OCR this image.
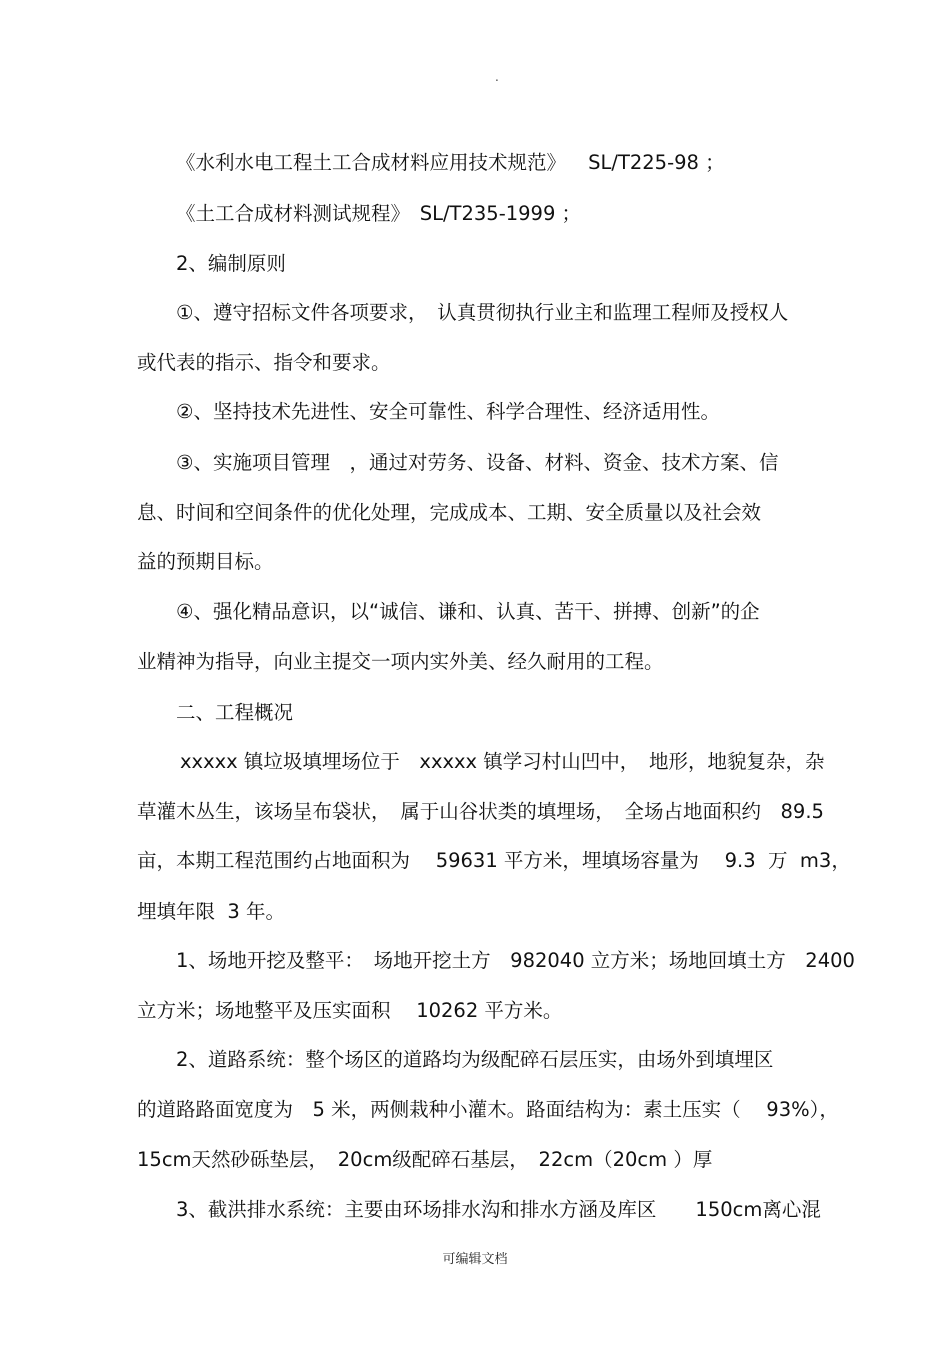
.
《水利水电工程土工合成材料应用技术规范》　  SL/T225-98 ；
《土工合成材料测试规程》　SL/T235-1999 ；
2、编制原则
①、遵守招标文件各项要求，　认真贯彻执行业主和监理工程师及授权人
或代表的指示、指令和要求。
②、坚持技术先进性、安全可靠性、科学合理性、经济适用性。
③、实施项目管理　，通过对劳务、设备、材料、资金、技术方案、信
息、时间和空间条件的优化处理，完成成本、工期、安全质量以及社会效
益的预期目标。
④、强化精品意识，以“诚信、谦和、认真、苦干、拼搏、创新”的企
业精神为指导，向业主提交一项内实外美、经久耐用的工程。
二、工程概况
xxxxx 镇垃圾填埋场位于　xxxxx 镇学习村山凹中，　地形，地貌复杂，杂
草灌木丛生，该场呈布袋状，　属于山谷状类的填埋场，　全场占地面积约　89.5
亩，本期工程范围约占地面积为　 59631 平方米，埋填场容量为　 9.3  万  m3，
埋填年限  3 年。
1、场地开挖及整平：　场地开挖土方　982040 立方米；场地回填土方　2400
立方米；场地整平及压实面积　 10262 平方米。
2、道路系统：整个场区的道路均为级配碎石层压实，由场外到填埋区
的道路路面宽度为　5 米，两侧栽种小灌木。路面结构为：素土压实（　 93%），
15cm天然砂砾垫层，　20cm级配碎石基层，　22cm（20cm ）厚
3、截洪排水系统：主要由环场排水沟和排水方涵及库区　　150cm离心混
可编辑文档
